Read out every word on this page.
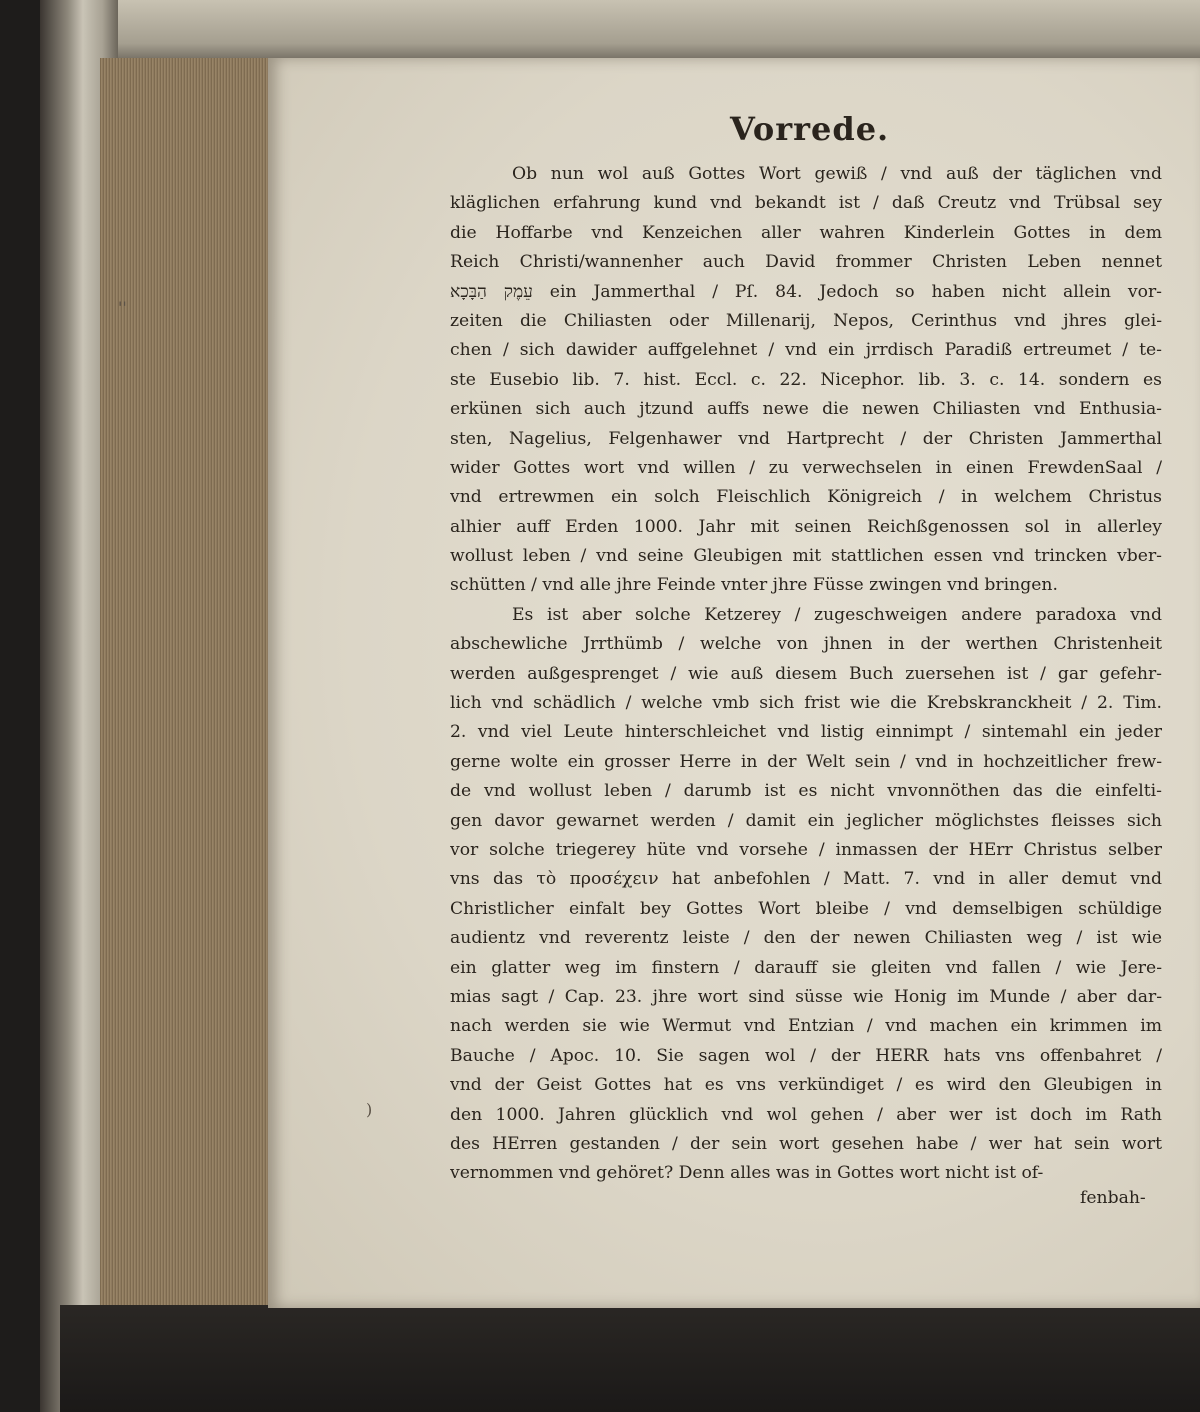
ꞌꞌ
)
Vorrede.
Ob nun wol auß Gottes Wort gewiß / vnd auß der täglichen vnd
kläglichen erfahrung kund vnd bekandt ist / daß Creutz vnd Trübsal sey
die Hoffarbe vnd Kenzeichen aller wahren Kinderlein Gottes in dem
Reich Christi/wannenher auch David frommer Christen Leben nennet
עֵמֶק הַבָּכָא ein Jammerthal / Pſ. 84. Jedoch so haben nicht allein vor-
zeiten die Chiliasten oder Millenarij, Nepos, Cerinthus vnd jhres glei-
chen / sich dawider auffgelehnet / vnd ein jrrdisch Paradiß ertreumet / te-
ste Eusebio lib. 7. hist. Eccl. c. 22. Nicephor. lib. 3. c. 14. sondern es
erkünen sich auch jtzund auffs newe die newen Chiliasten vnd Enthusia-
sten, Nagelius, Felgenhawer vnd Hartprecht / der Christen Jammerthal
wider Gottes wort vnd willen / zu verwechselen in einen FrewdenSaal /
vnd ertrewmen ein solch Fleischlich Königreich / in welchem Christus
alhier auff Erden 1000. Jahr mit seinen Reichßgenossen sol in allerley
wollust leben / vnd seine Gleubigen mit stattlichen essen vnd trincken vber-
schütten / vnd alle jhre Feinde vnter jhre Füsse zwingen vnd bringen.
Es ist aber solche Ketzerey / zugeschweigen andere paradoxa vnd
abschewliche Jrrthümb / welche von jhnen in der werthen Christenheit
werden außgesprenget / wie auß diesem Buch zuersehen ist / gar gefehr-
lich vnd schädlich / welche vmb sich frist wie die Krebskranckheit / 2. Tim.
2. vnd viel Leute hinterschleichet vnd listig einnimpt / sintemahl ein jeder
gerne wolte ein grosser Herre in der Welt sein / vnd in hochzeitlicher frew-
de vnd wollust leben / darumb ist es nicht vnvonnöthen das die einfelti-
gen davor gewarnet werden / damit ein jeglicher möglichstes fleisses sich
vor solche triegerey hüte vnd vorsehe / inmassen der HErr Christus selber
vns das τὸ προσέχειν hat anbefohlen / Matt. 7. vnd in aller demut vnd
Christlicher einfalt bey Gottes Wort bleibe / vnd demselbigen schüldige
audientz vnd reverentz leiste / den der newen Chiliasten weg / ist wie
ein glatter weg im finstern / darauff sie gleiten vnd fallen / wie Jere-
mias sagt / Cap. 23. jhre wort sind süsse wie Honig im Munde / aber dar-
nach werden sie wie Wermut vnd Entzian / vnd machen ein krimmen im
Bauche / Apoc. 10. Sie sagen wol / der HERR hats vns offenbahret /
vnd der Geist Gottes hat es vns verkündiget / es wird den Gleubigen in
den 1000. Jahren glücklich vnd wol gehen / aber wer ist doch im Rath
des HErren gestanden / der sein wort gesehen habe / wer hat sein wort
vernommen vnd gehöret? Denn alles was in Gottes wort nicht ist of-
fenbah-
